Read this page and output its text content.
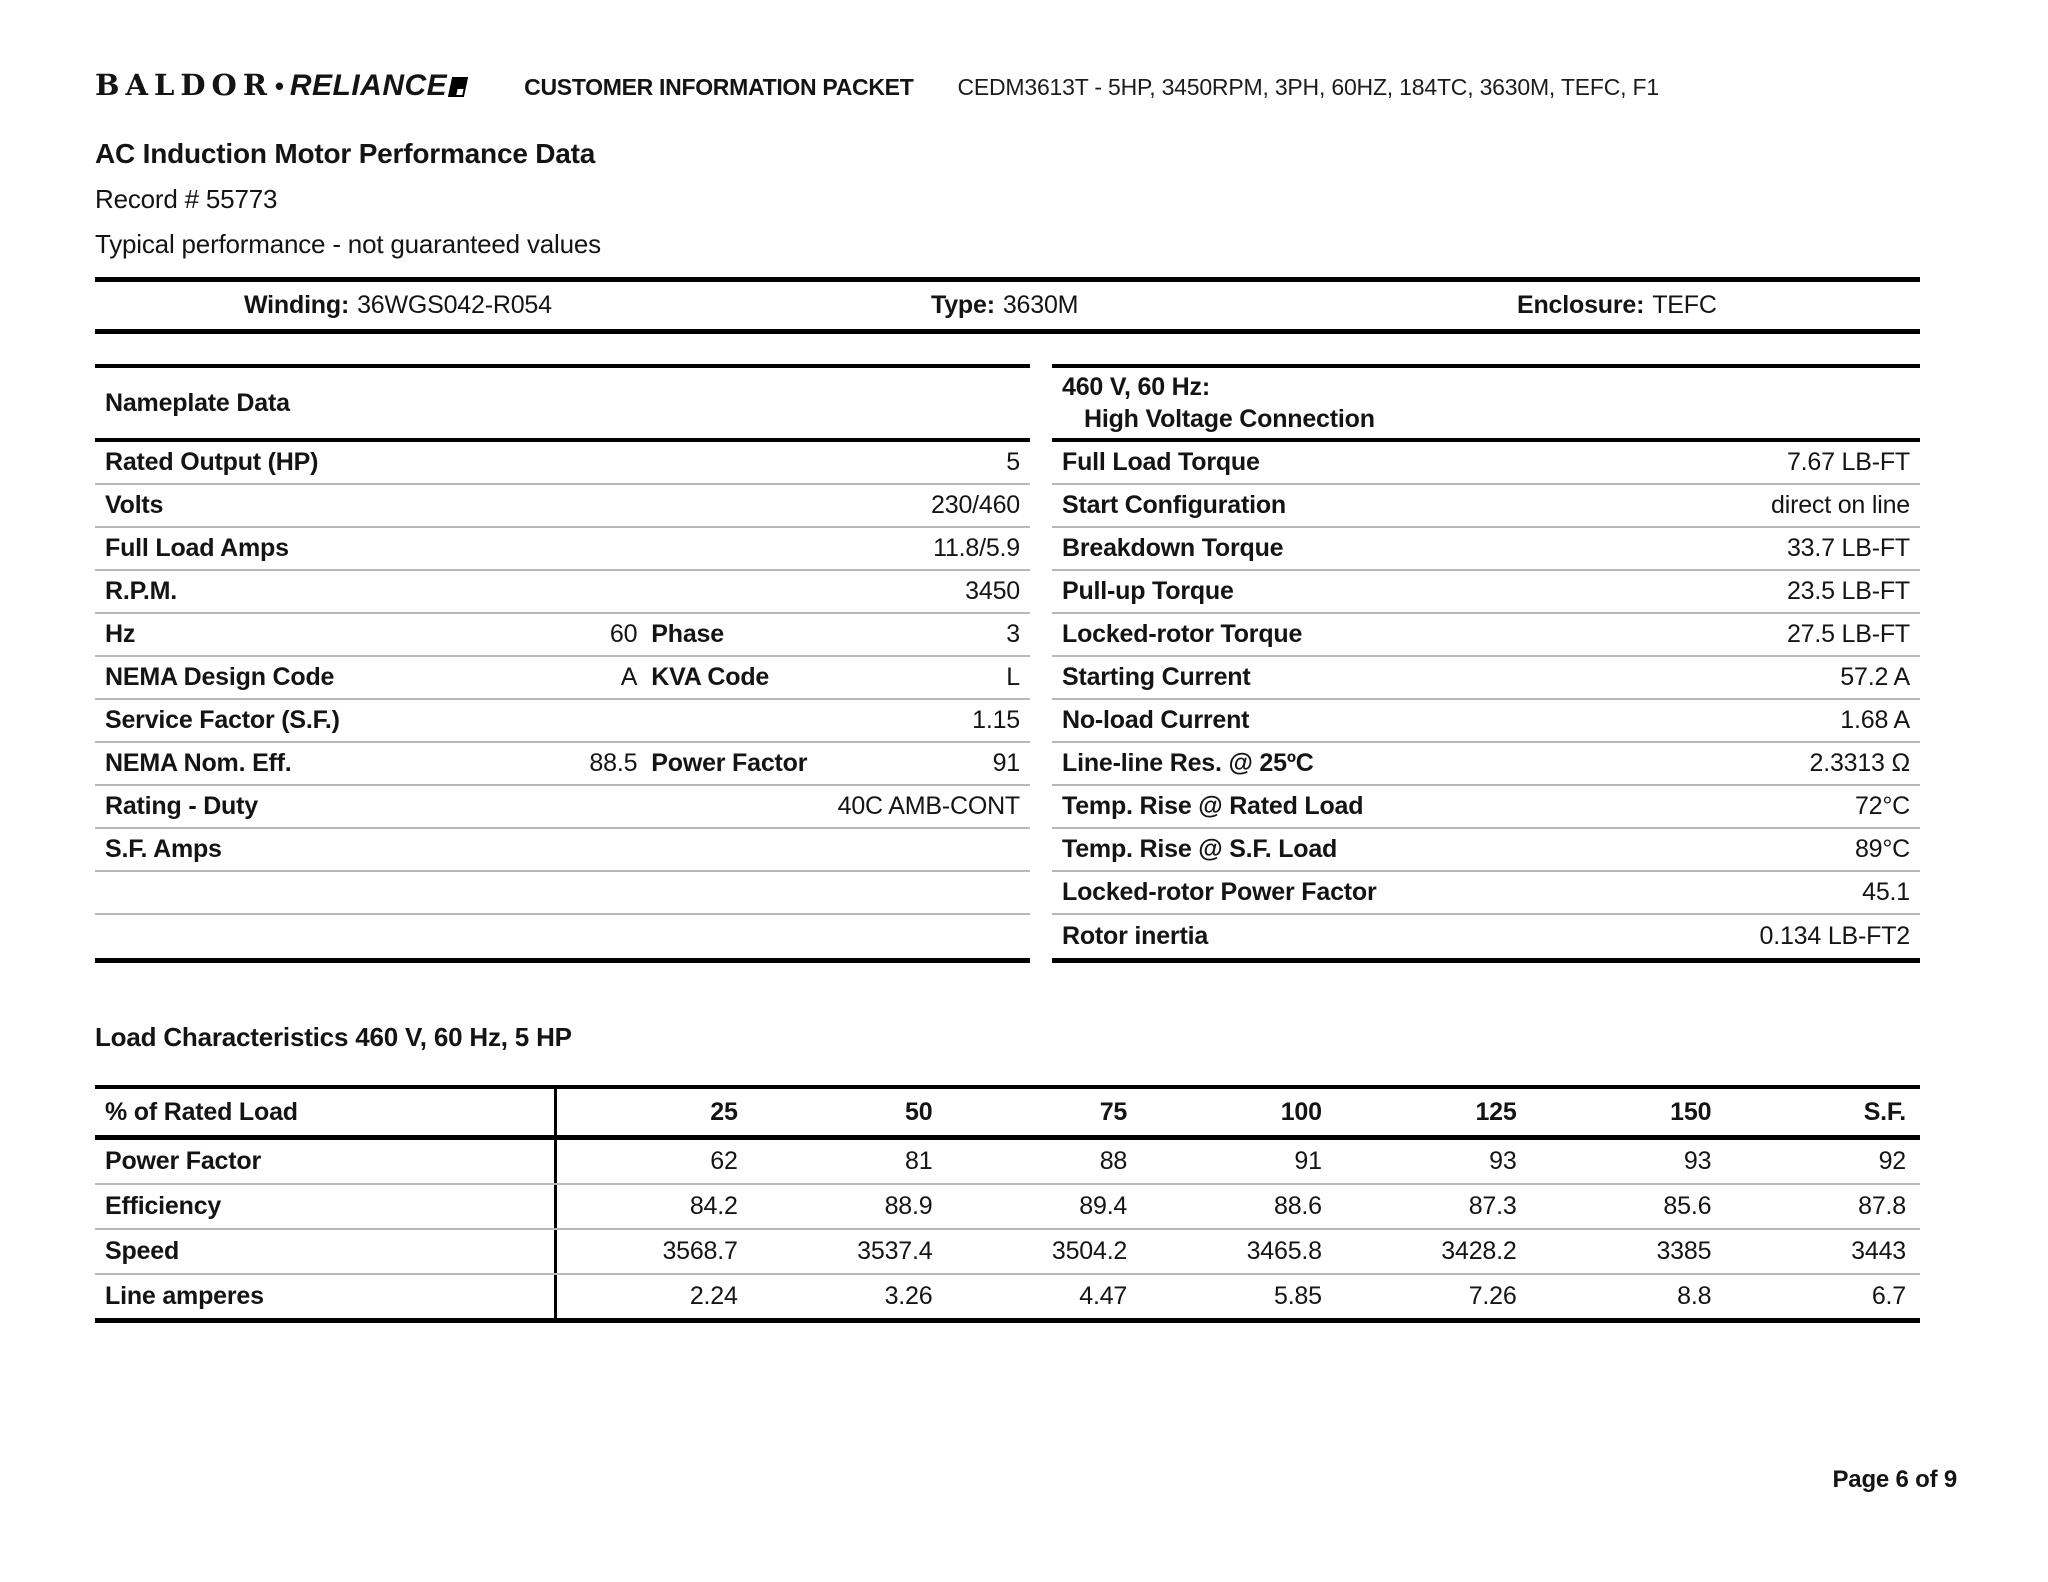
BALDOR • RELIANCE	CUSTOMER INFORMATION PACKET CEDM3613T - 5HP, 3450RPM, 3PH, 60HZ, 184TC, 3630M, TEFC, F1
AC Induction Motor Performance Data
Record # 55773
Typical performance - not guaranteed values
Winding: 36WGS042-R054	Type: 3630M	Enclosure: TEFC
Nameplate Data
Rated Output (HP)	5
Volts	230/460
Full Load Amps	11.8/5.9
R.P.M.	3450
Hz	60 Phase	3
NEMA Design Code	A KVA Code	L
Service Factor (S.F.)	1.15
NEMA Nom. Eff.	88.5 Power Factor	91
Rating - Duty	40C AMB-CONT
S.F. Amps
460 V, 60 Hz:
High Voltage Connection
Full Load Torque	7.67 LB-FT
Start Configuration	direct on line
Breakdown Torque	33.7 LB-FT
Pull-up Torque	23.5 LB-FT
Locked-rotor Torque	27.5 LB-FT
Starting Current	57.2 A
No-load Current	1.68 A
Line-line Res. @ 25ºC	2.3313 Ω
Temp. Rise @ Rated Load	72°C
Temp. Rise @ S.F. Load	89°C
Locked-rotor Power Factor	45.1
Rotor inertia	0.134 LB-FT2
Load Characteristics 460 V, 60 Hz, 5 HP
% of Rated Load	25	50	75	100	125	150	S.F.
Power Factor	62	81	88	91	93	93	92
Efficiency	84.2	88.9	89.4	88.6	87.3	85.6	87.8
Speed	3568.7	3537.4	3504.2	3465.8	3428.2	3385	3443
Line amperes	2.24	3.26	4.47	5.85	7.26	8.8	6.7
Page 6 of 9
